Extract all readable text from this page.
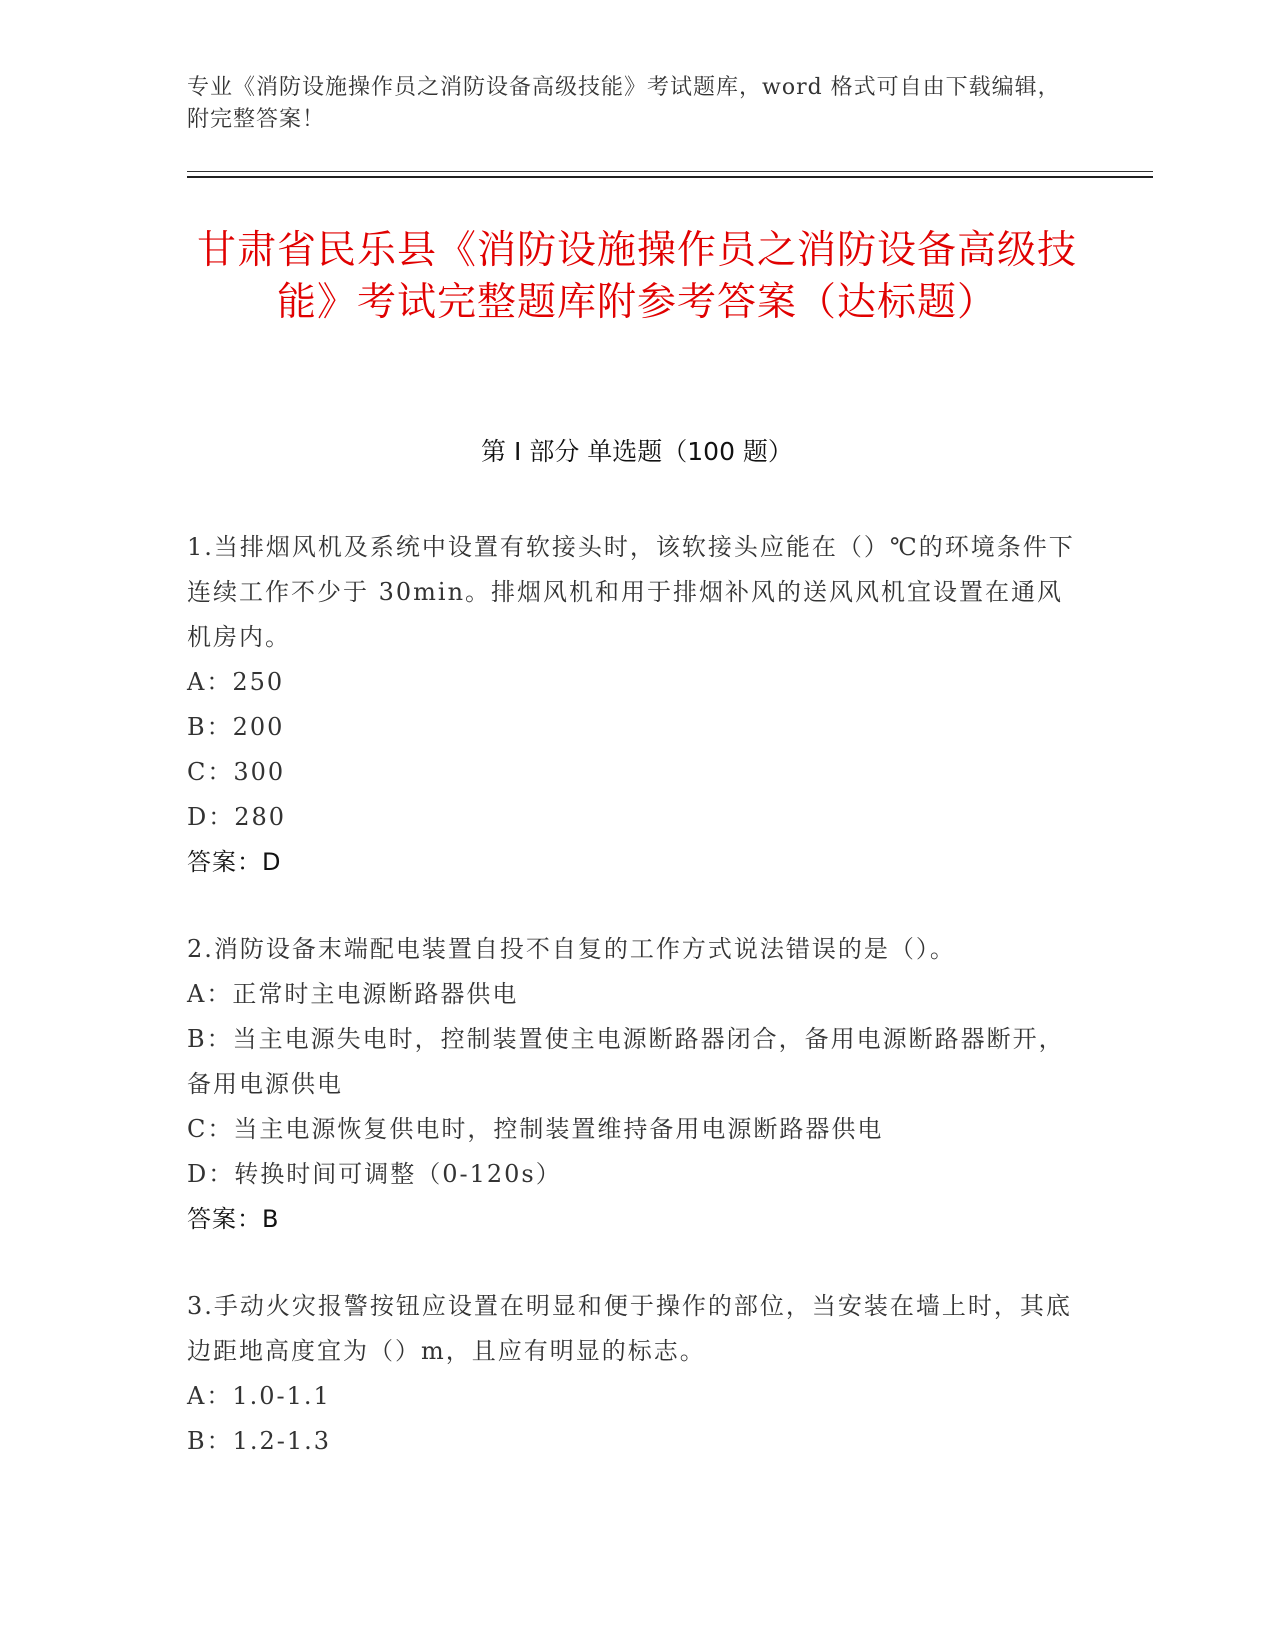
专业《消防设施操作员之消防设备高级技能》考试题库，word 格式可自由下载编辑，附完整答案！
甘肃省民乐县《消防设施操作员之消防设备高级技能》考试完整题库附参考答案（达标题）
第 I 部分 单选题（100 题）

1.当排烟风机及系统中设置有软接头时，该软接头应能在（）℃的环境条件下连续工作不少于 30min。排烟风机和用于排烟补风的送风风机宜设置在通风机房内。

A：250

B：200

C：300

D：280

答案：D

2.消防设备末端配电装置自投不自复的工作方式说法错误的是（）。

A：正常时主电源断路器供电

B：当主电源失电时，控制装置使主电源断路器闭合，备用电源断路器断开，备用电源供电

C：当主电源恢复供电时，控制装置维持备用电源断路器供电

D：转换时间可调整（0-120s）

答案：B

3.手动火灾报警按钮应设置在明显和便于操作的部位，当安装在墙上时，其底边距地高度宜为（）m，且应有明显的标志。

A：1.0-1.1

B：1.2-1.3
